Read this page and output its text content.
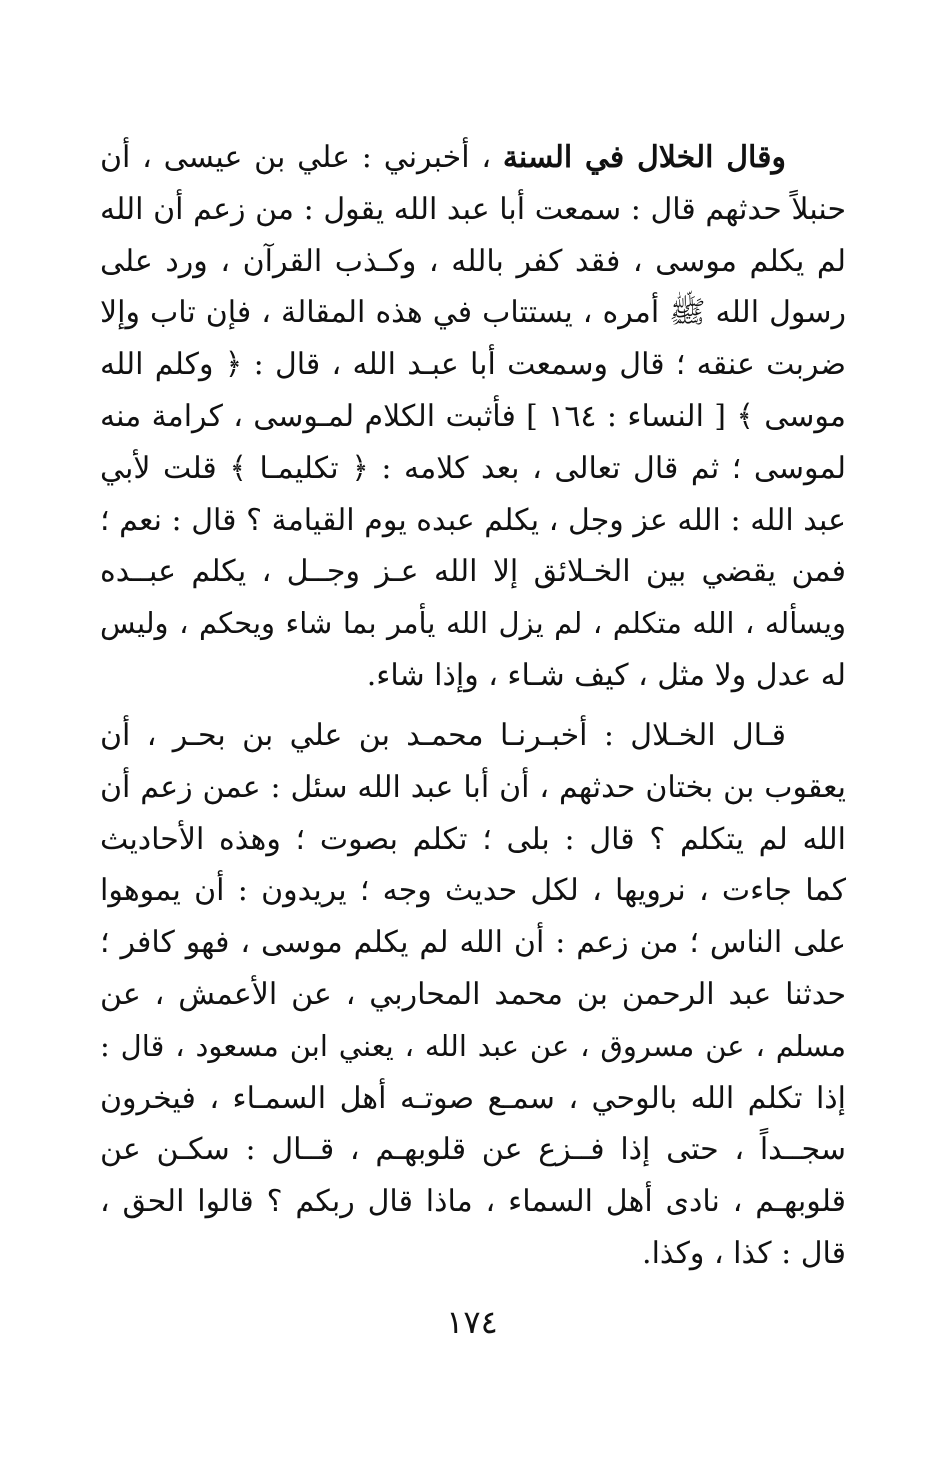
وقال الخلال في السنة ، أخبرني : علي بن عيسى ، أن
حنبلاً حدثهم قال : سمعت أبا عبد الله يقول : من زعم أن الله
لم يكلم موسى ، فقد كفر بالله ، وكـذب القرآن ، ورد على
رسول الله ﷺ أمره ، يستتاب في هذه المقالة ، فإن تاب وإلا
ضربت عنقه ؛ قال وسمعت أبا عبـد الله ، قال : ﴿ وكلم الله
موسى ﴾ [ النساء : ١٦٤ ] فأثبت الكلام لمـوسى ، كرامة منه
لموسى ؛ ثم قال تعالى ، بعد كلامه : ﴿ تكليمـا ﴾ قلت لأبي
عبد الله : الله عز وجل ، يكلم عبده يوم القيامة ؟ قال : نعم ؛
فمن يقضي بين الخـلائق إلا الله عـز وجــل ، يكلم عبــده
ويسأله ، الله متكلم ، لم يزل الله يأمر بما شاء ويحكم ، وليس
له عدل ولا مثل ، كيف شـاء ، وإذا شاء.
قـال الخـلال : أخبـرنـا محمـد بن علي بن بحـر ، أن
يعقوب بن بختان حدثهم ، أن أبا عبد الله سئل : عمن زعم أن
الله لم يتكلم ؟ قال : بلى ؛ تكلم بصوت ؛ وهذه الأحاديث
كما جاءت ، نرويها ، لكل حديث وجه ؛ يريدون : أن يموهوا
على الناس ؛ من زعم : أن الله لم يكلم موسى ، فهو كافر ؛
حدثنا عبد الرحمن بن محمد المحاربي ، عن الأعمش ، عن
مسلم ، عن مسروق ، عن عبد الله ، يعني ابن مسعود ، قال :
إذا تكلم الله بالوحي ، سمـع صوتـه أهل السمـاء ، فيخرون
سجــداً ، حتى إذا فــزع عن قلوبهـم ، قــال : سكـن عن
قلوبهـم ، نادى أهل السماء ، ماذا قال ربكم ؟ قالوا الحق ،
قال : كذا ، وكذا.
١٧٤
